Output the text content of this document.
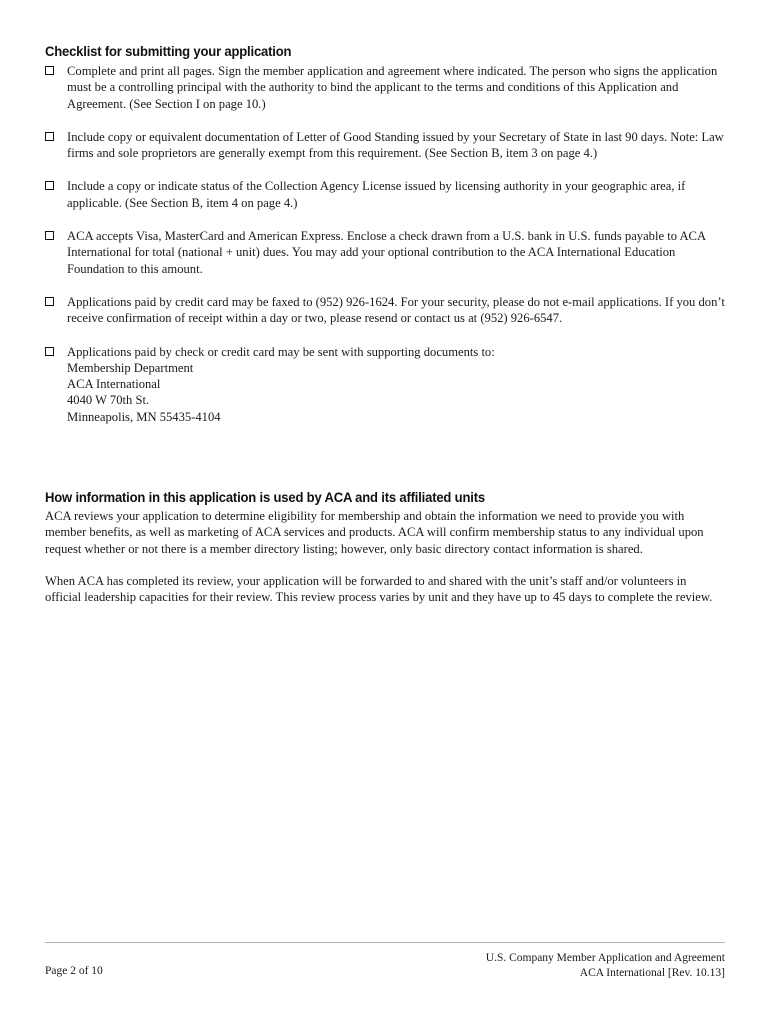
Checklist for submitting your application
Complete and print all pages. Sign the member application and agreement where indicated. The person who signs the application must be a controlling principal with the authority to bind the applicant to the terms and conditions of this Application and Agreement. (See Section I on page 10.)
Include copy or equivalent documentation of Letter of Good Standing issued by your Secretary of State in last 90 days. Note: Law firms and sole proprietors are generally exempt from this requirement. (See Section B, item 3 on page 4.)
Include a copy or indicate status of the Collection Agency License issued by licensing authority in your geographic area, if applicable. (See Section B, item 4 on page 4.)
ACA accepts Visa, MasterCard and American Express. Enclose a check drawn from a U.S. bank in U.S. funds payable to ACA International for total (national + unit) dues. You may add your optional contribution to the ACA International Education Foundation to this amount.
Applications paid by credit card may be faxed to (952) 926-1624. For your security, please do not e-mail applications. If you don’t receive confirmation of receipt within a day or two, please resend or contact us at (952) 926-6547.
Applications paid by check or credit card may be sent with supporting documents to:
Membership Department
ACA International
4040 W 70th St.
Minneapolis, MN 55435-4104
How information in this application is used by ACA and its affiliated units

ACA reviews your application to determine eligibility for membership and obtain the information we need to provide you with member benefits, as well as marketing of ACA services and products. ACA will confirm membership status to any individual upon request whether or not there is a member directory listing; however, only basic directory contact information is shared.

When ACA has completed its review, your application will be forwarded to and shared with the unit’s staff and/or volunteers in official leadership capacities for their review. This review process varies by unit and they have up to 45 days to complete the review.

Page 2 of 10
U.S. Company Member Application and Agreement
ACA International [Rev. 10.13]
